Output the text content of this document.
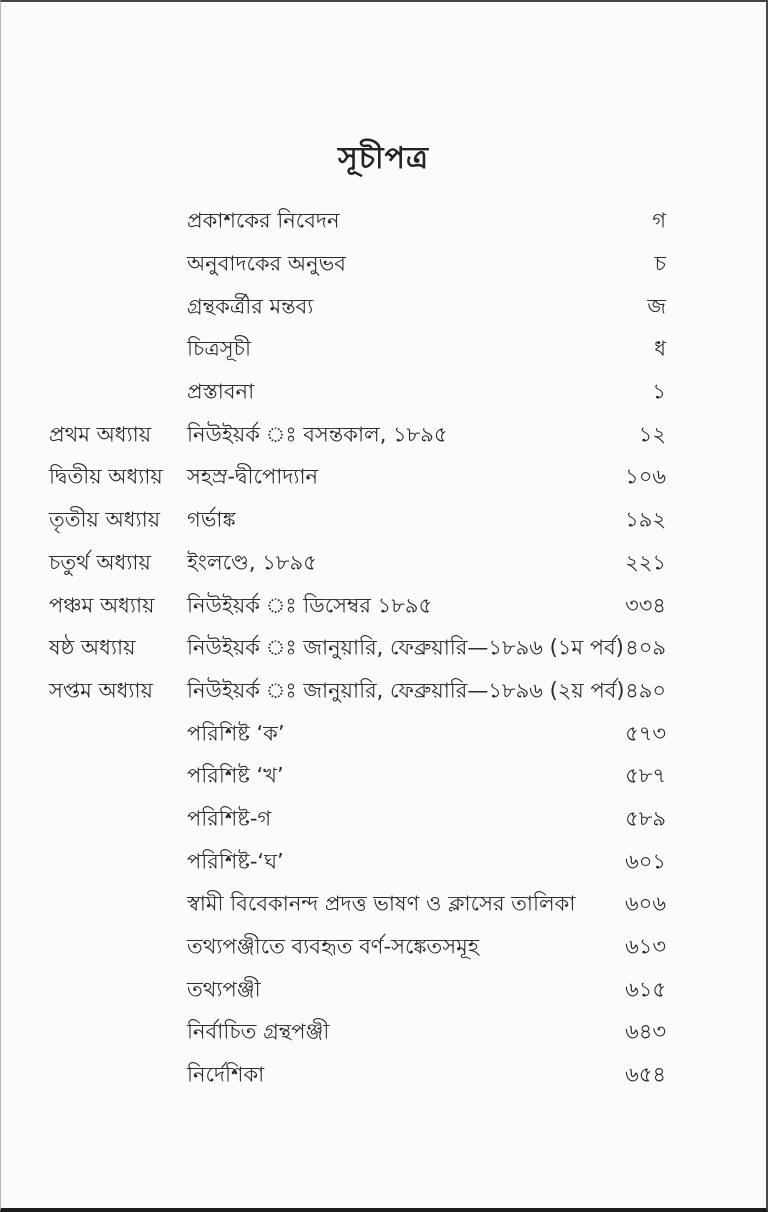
সূচীপত্র
প্রকাশকের নিবেদন	গ
অনুবাদকের অনুভব	চ
গ্রন্থকর্ত্রীর মন্তব্য	জ
চিত্রসূচী	ধ
প্রস্তাবনা	১
প্রথম অধ্যায়	নিউইয়র্ক ঃ বসন্তকাল, ১৮৯৫	১২
দ্বিতীয় অধ্যায়	সহস্র-দ্বীপোদ্যান	১০৬
তৃতীয় অধ্যায়	গর্ভাঙ্ক	১৯২
চতুর্থ অধ্যায়	ইংলণ্ডে, ১৮৯৫	২২১
পঞ্চম অধ্যায়	নিউইয়র্ক ঃ ডিসেম্বর ১৮৯৫	৩৩৪
ষষ্ঠ অধ্যায়	নিউইয়র্ক ঃ জানুয়ারি, ফেব্রুয়ারি—১৮৯৬ (১ম পর্ব) ৪০৯
সপ্তম অধ্যায়	নিউইয়র্ক ঃ জানুয়ারি, ফেব্রুয়ারি—১৮৯৬ (২য় পর্ব) ৪৯০
পরিশিষ্ট ‘ক’	৫৭৩
পরিশিষ্ট ‘খ’	৫৮৭
পরিশিষ্ট-গ	৫৮৯
পরিশিষ্ট-‘ঘ’	৬০১
স্বামী বিবেকানন্দ প্রদত্ত ভাষণ ও ক্লাসের তালিকা ৬০৬
তথ্যপঞ্জীতে ব্যবহৃত বর্ণ-সঙ্কেতসমূহ	৬১৩
তথ্যপঞ্জী	৬১৫
নির্বাচিত গ্রন্থপঞ্জী	৬৪৩
নির্দেশিকা	৬৫৪
